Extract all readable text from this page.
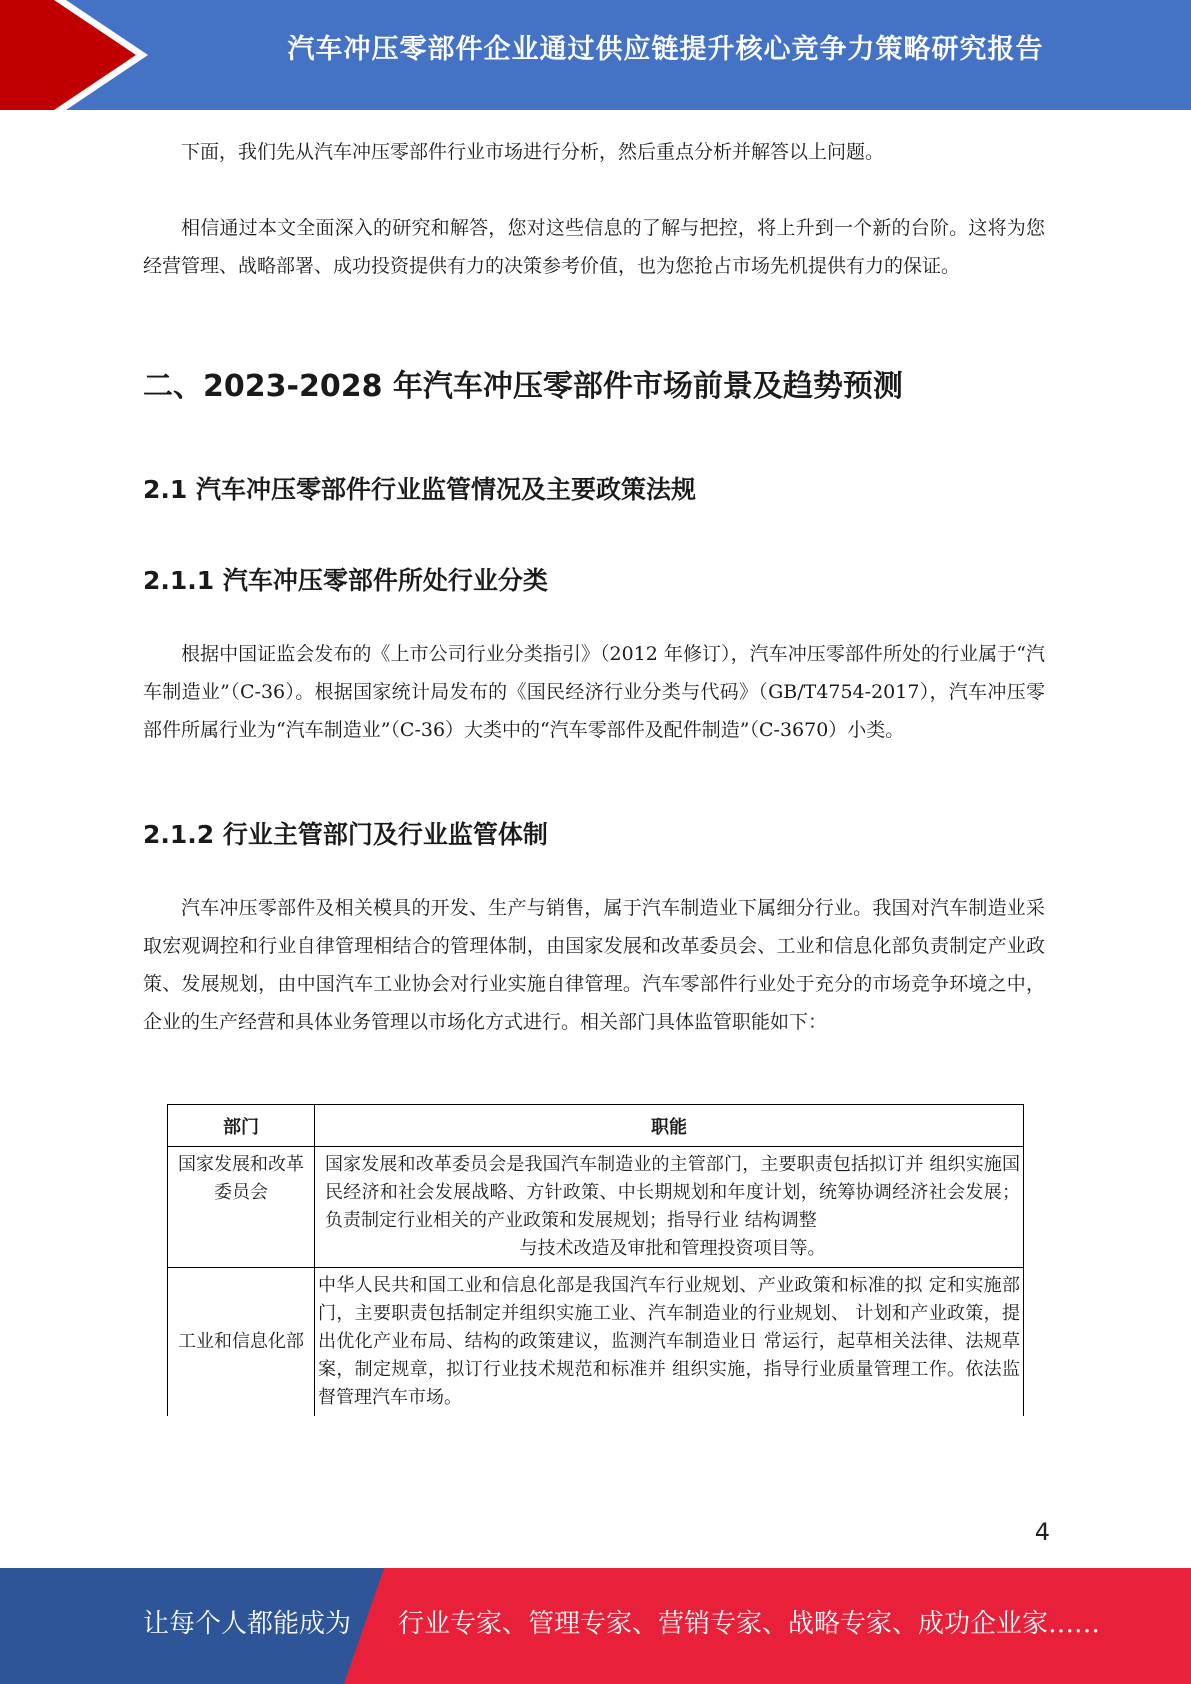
汽车冲压零部件企业通过供应链提升核心竞争力策略研究报告

下面，我们先从汽车冲压零部件行业市场进行分析，然后重点分析并解答以上问题。

相信通过本文全面深入的研究和解答，您对这些信息的了解与把控，将上升到一个新的台阶。这将为您经营管理、战略部署、成功投资提供有力的决策参考价值，也为您抢占市场先机提供有力的保证。

二、2023-2028 年汽车冲压零部件市场前景及趋势预测
2.1 汽车冲压零部件行业监管情况及主要政策法规
2.1.1 汽车冲压零部件所处行业分类

根据中国证监会发布的《上市公司行业分类指引》（2012 年修订），汽车冲压零部件所处的行业属于“汽车制造业”（C-36）。根据国家统计局发布的《国民经济行业分类与代码》（GB/T4754-2017），汽车冲压零部件所属行业为“汽车制造业”（C-36）大类中的“汽车零部件及配件制造”（C-3670）小类。

2.1.2 行业主管部门及行业监管体制

汽车冲压零部件及相关模具的开发、生产与销售，属于汽车制造业下属细分行业。我国对汽车制造业采取宏观调控和行业自律管理相结合的管理体制，由国家发展和改革委员会、工业和信息化部负责制定产业政策、发展规划，由中国汽车工业协会对行业实施自律管理。汽车零部件行业处于充分的市场竞争环境之中，企业的生产经营和具体业务管理以市场化方式进行。相关部门具体监管职能如下：

部门	职能
国家发展和改革委员会	国家发展和改革委员会是我国汽车制造业的主管部门，主要职责包括拟订并 组织实施国民经济和社会发展战略、方针政策、中长期规划和年度计划，统筹协调经济社会发展；负责制定行业相关的产业政策和发展规划；指导行业 结构调整
与技术改造及审批和管理投资项目等。

工业和信息化部	中华人民共和国工业和信息化部是我国汽车行业规划、产业政策和标准的拟 定和实施部门，主要职责包括制定并组织实施工业、汽车制造业的行业规划、 计划和产业政策，提出优化产业布局、结构的政策建议，监测汽车制造业日 常运行，起草相关法律、法规草案，制定规章，拟订行业技术规范和标准并 组织实施，指导行业质量管理工作。依法监督管理汽车市场。
4
让每个人都能成为 行业专家、管理专家、营销专家、战略专家、成功企业家……
